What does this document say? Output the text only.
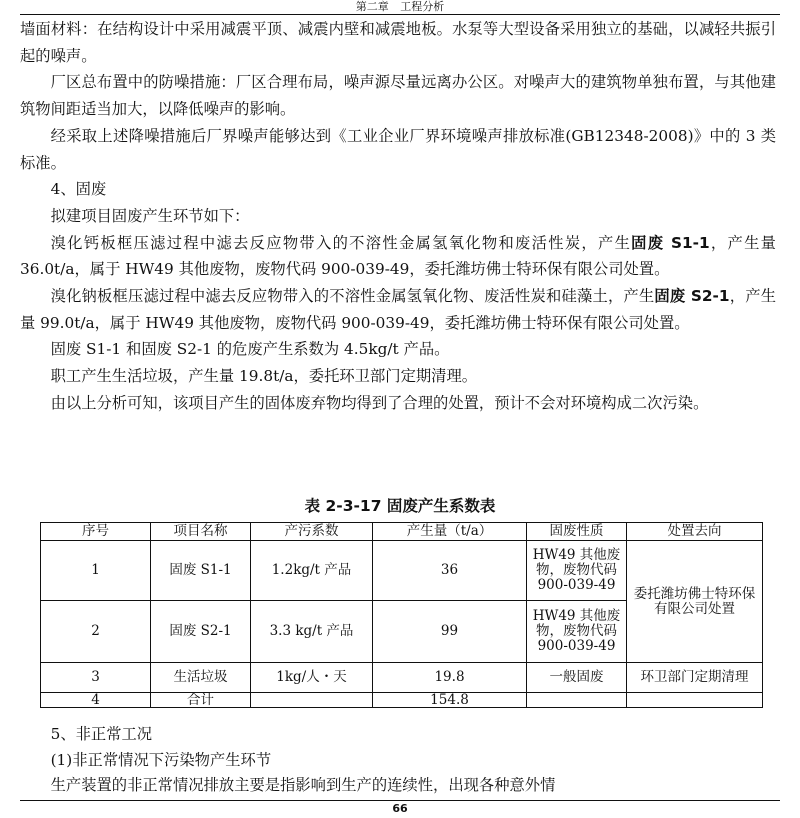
第二章 工程分析

墙面材料：在结构设计中采用减震平顶、减震内壁和减震地板。水泵等大型设备采用独立的基础，以减轻共振引起的噪声。

厂区总布置中的防噪措施：厂区合理布局，噪声源尽量远离办公区。对噪声大的建筑物单独布置，与其他建筑物间距适当加大，以降低噪声的影响。

经采取上述降噪措施后厂界噪声能够达到《工业企业厂界环境噪声排放标准(GB12348-2008)》中的 3 类标准。

4、固废

拟建项目固废产生环节如下：

溴化钙板框压滤过程中滤去反应物带入的不溶性金属氢氧化物和废活性炭，产生固废 S1-1，产生量 36.0t/a，属于 HW49 其他废物，废物代码 900-039-49，委托潍坊佛士特环保有限公司处置。

溴化钠板框压滤过程中滤去反应物带入的不溶性金属氢氧化物、废活性炭和硅藻土，产生固废 S2-1，产生量 99.0t/a，属于 HW49 其他废物，废物代码 900-039-49，委托潍坊佛士特环保有限公司处置。

固废 S1-1 和固废 S2-1 的危废产生系数为 4.5kg/t 产品。

职工产生生活垃圾，产生量 19.8t/a，委托环卫部门定期清理。

由以上分析可知，该项目产生的固体废弃物均得到了合理的处置，预计不会对环境构成二次污染。

表 2-3-17 固废产生系数表
序号	项目名称	产污系数	产生量（t/a）	固废性质	处置去向
1	固废 S1-1	1.2kg/t 产品	36	HW49 其他废物，废物代码 900-039-49	委托潍坊佛士特环保有限公司处置
2	固废 S2-1	3.3 kg/t 产品	99	HW49 其他废物，废物代码 900-039-49	
3	生活垃圾	1kg/人・天	19.8	一般固废	环卫部门定期清理
4	合计		154.8		

5、非正常工况

(1)非正常情况下污染物产生环节

生产装置的非正常情况排放主要是指影响到生产的连续性，出现各种意外情

66
